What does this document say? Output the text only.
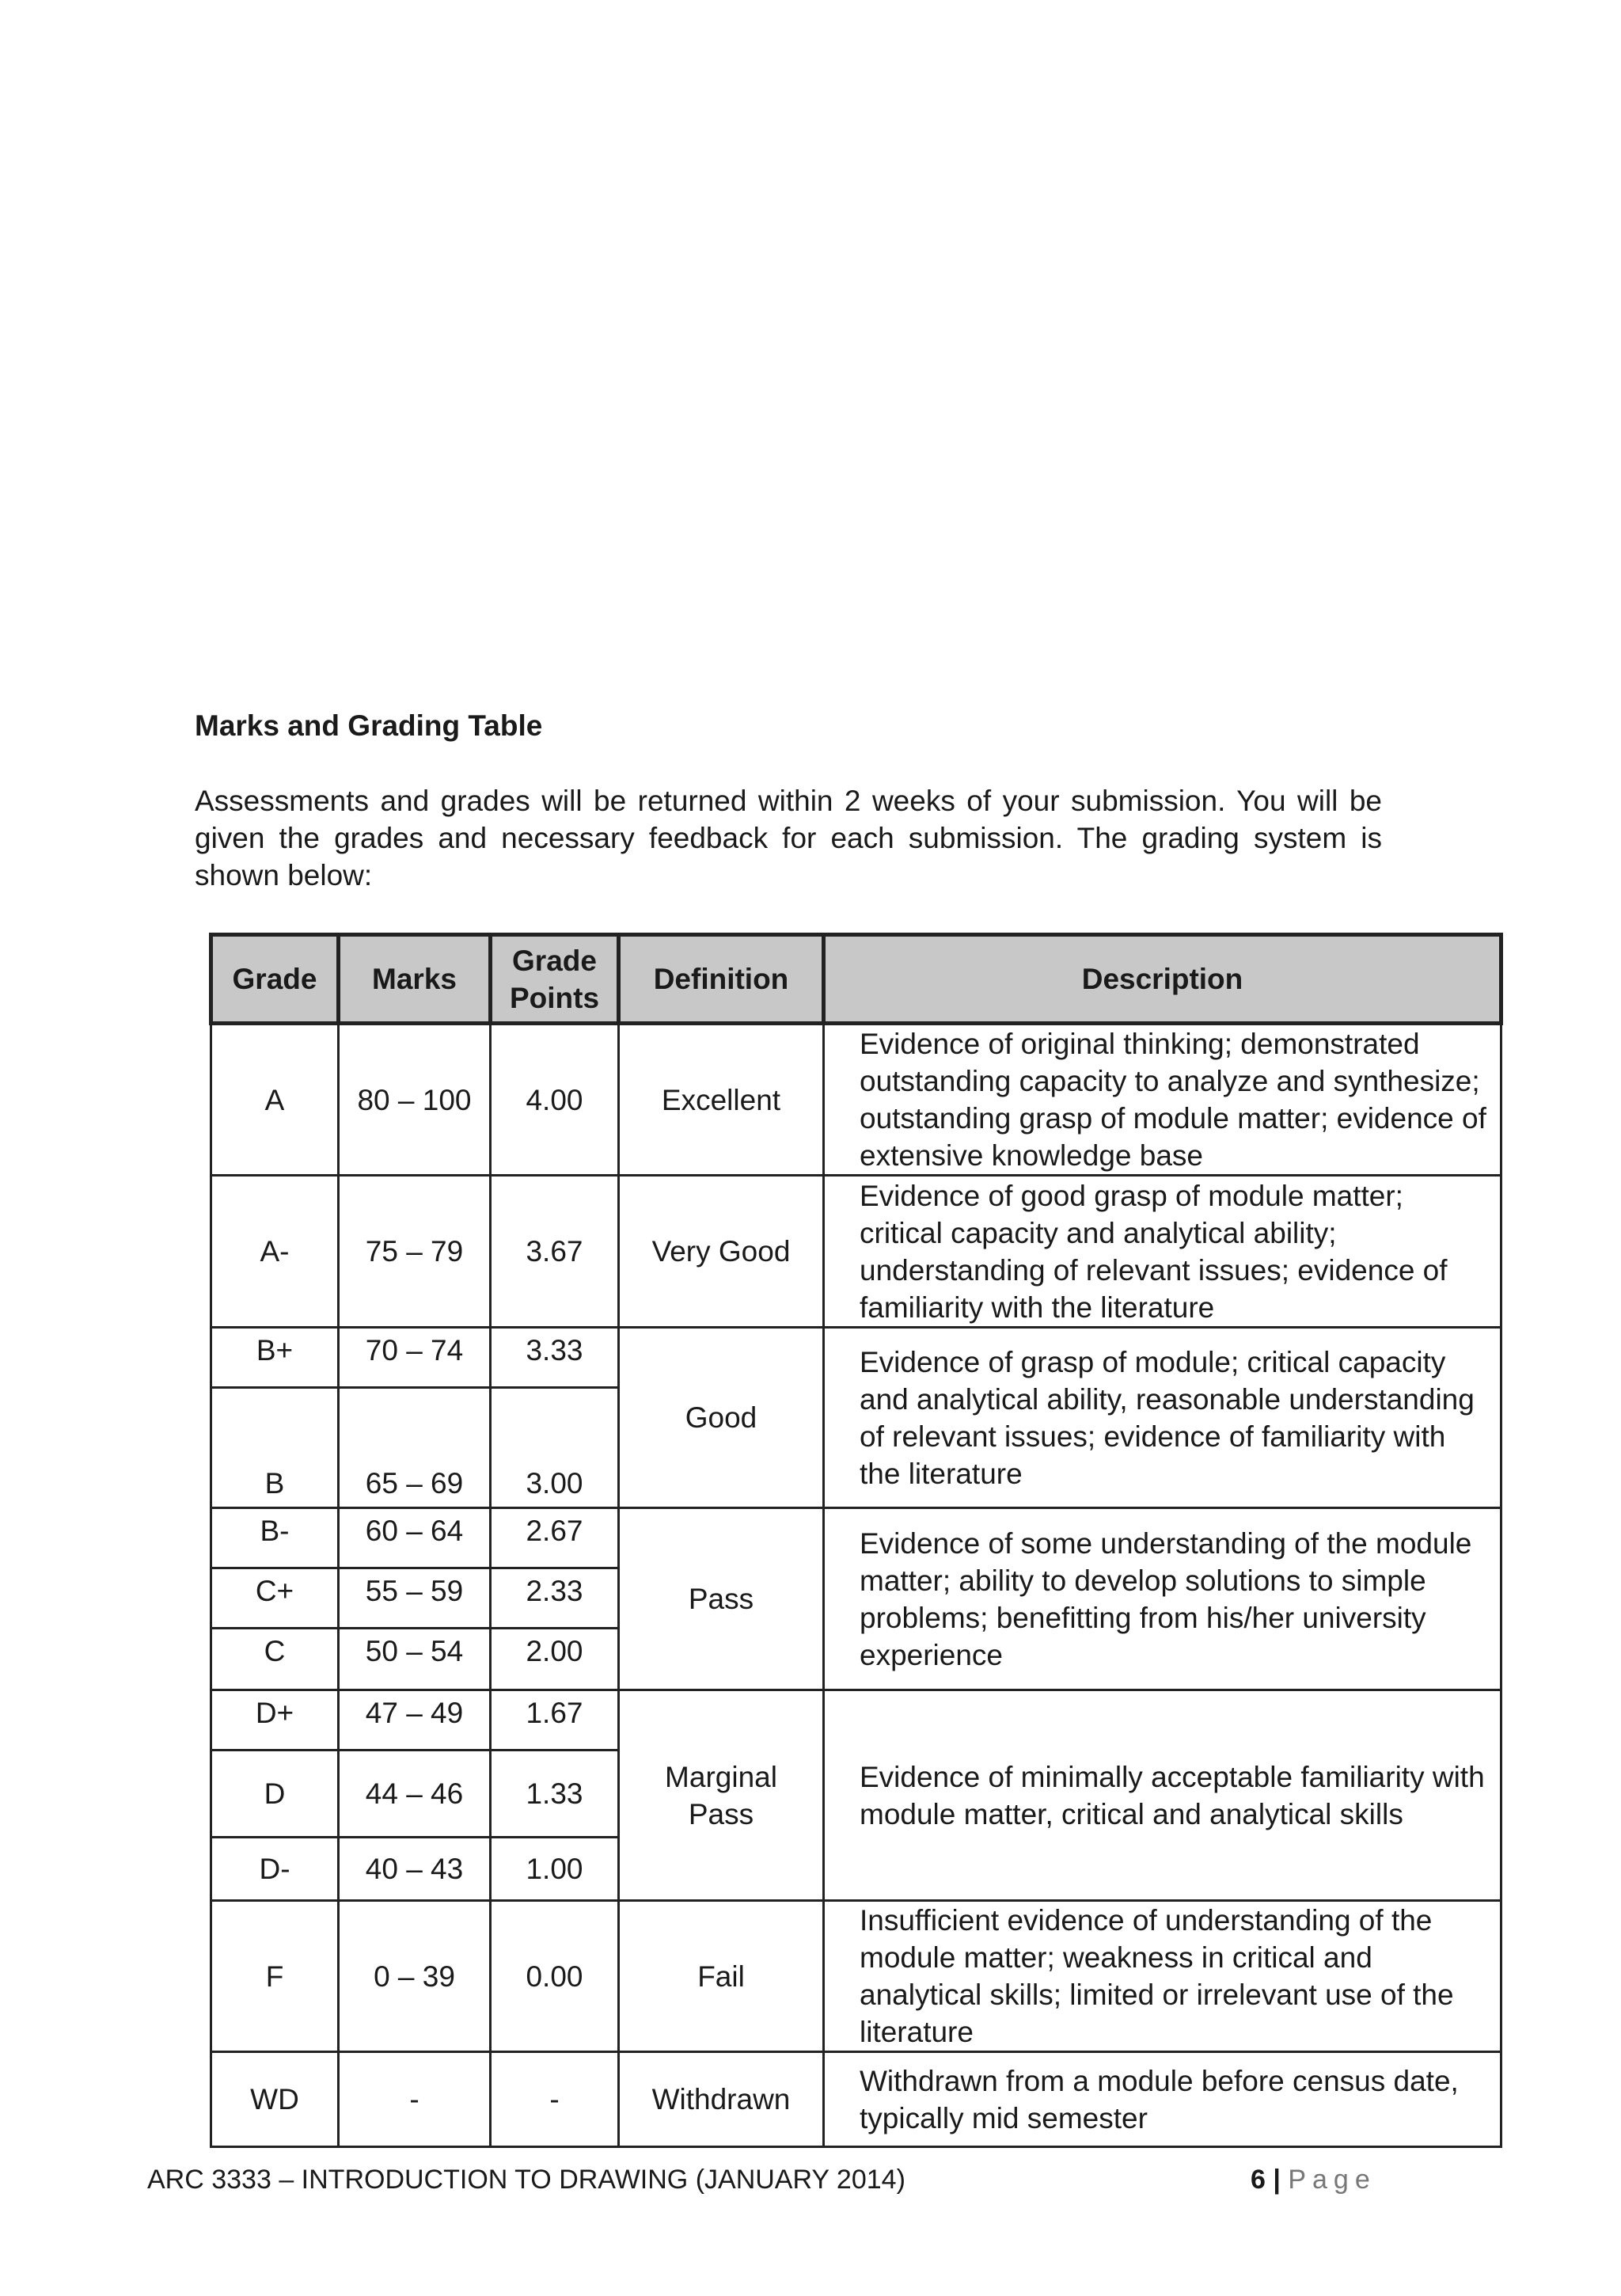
Marks and Grading Table

Assessments and grades will be returned within 2 weeks of your submission. You will be given the grades and necessary feedback for each submission. The grading system is shown below:

Grade	Marks	Grade Points	Definition	Description
A	80 – 100	4.00	Excellent	Evidence of original thinking; demonstrated outstanding capacity to analyze and synthesize; outstanding grasp of module matter; evidence of extensive knowledge base
A-	75 – 79	3.67	Very Good	Evidence of good grasp of module matter; critical capacity and analytical ability; understanding of relevant issues; evidence of familiarity with the literature
B+	70 – 74	3.33	Good	Evidence of grasp of module; critical capacity and analytical ability, reasonable understanding of relevant issues; evidence of familiarity with the literature
B	65 – 69	3.00		
B-	60 – 64	2.67	Pass	Evidence of some understanding of the module matter; ability to develop solutions to simple problems; benefitting from his/her university experience
C+	55 – 59	2.33		
C	50 – 54	2.00		
D+	47 – 49	1.67	Marginal Pass	Evidence of minimally acceptable familiarity with module matter, critical and analytical skills
D	44 – 46	1.33		
D-	40 – 43	1.00		
F	0 – 39	0.00	Fail	Insufficient evidence of understanding of the module matter; weakness in critical and analytical skills; limited or irrelevant use of the literature
WD	-	-	Withdrawn	Withdrawn from a module before census date, typically mid semester
ARC 3333 – INTRODUCTION TO DRAWING (JANUARY 2014)	6 | Page
